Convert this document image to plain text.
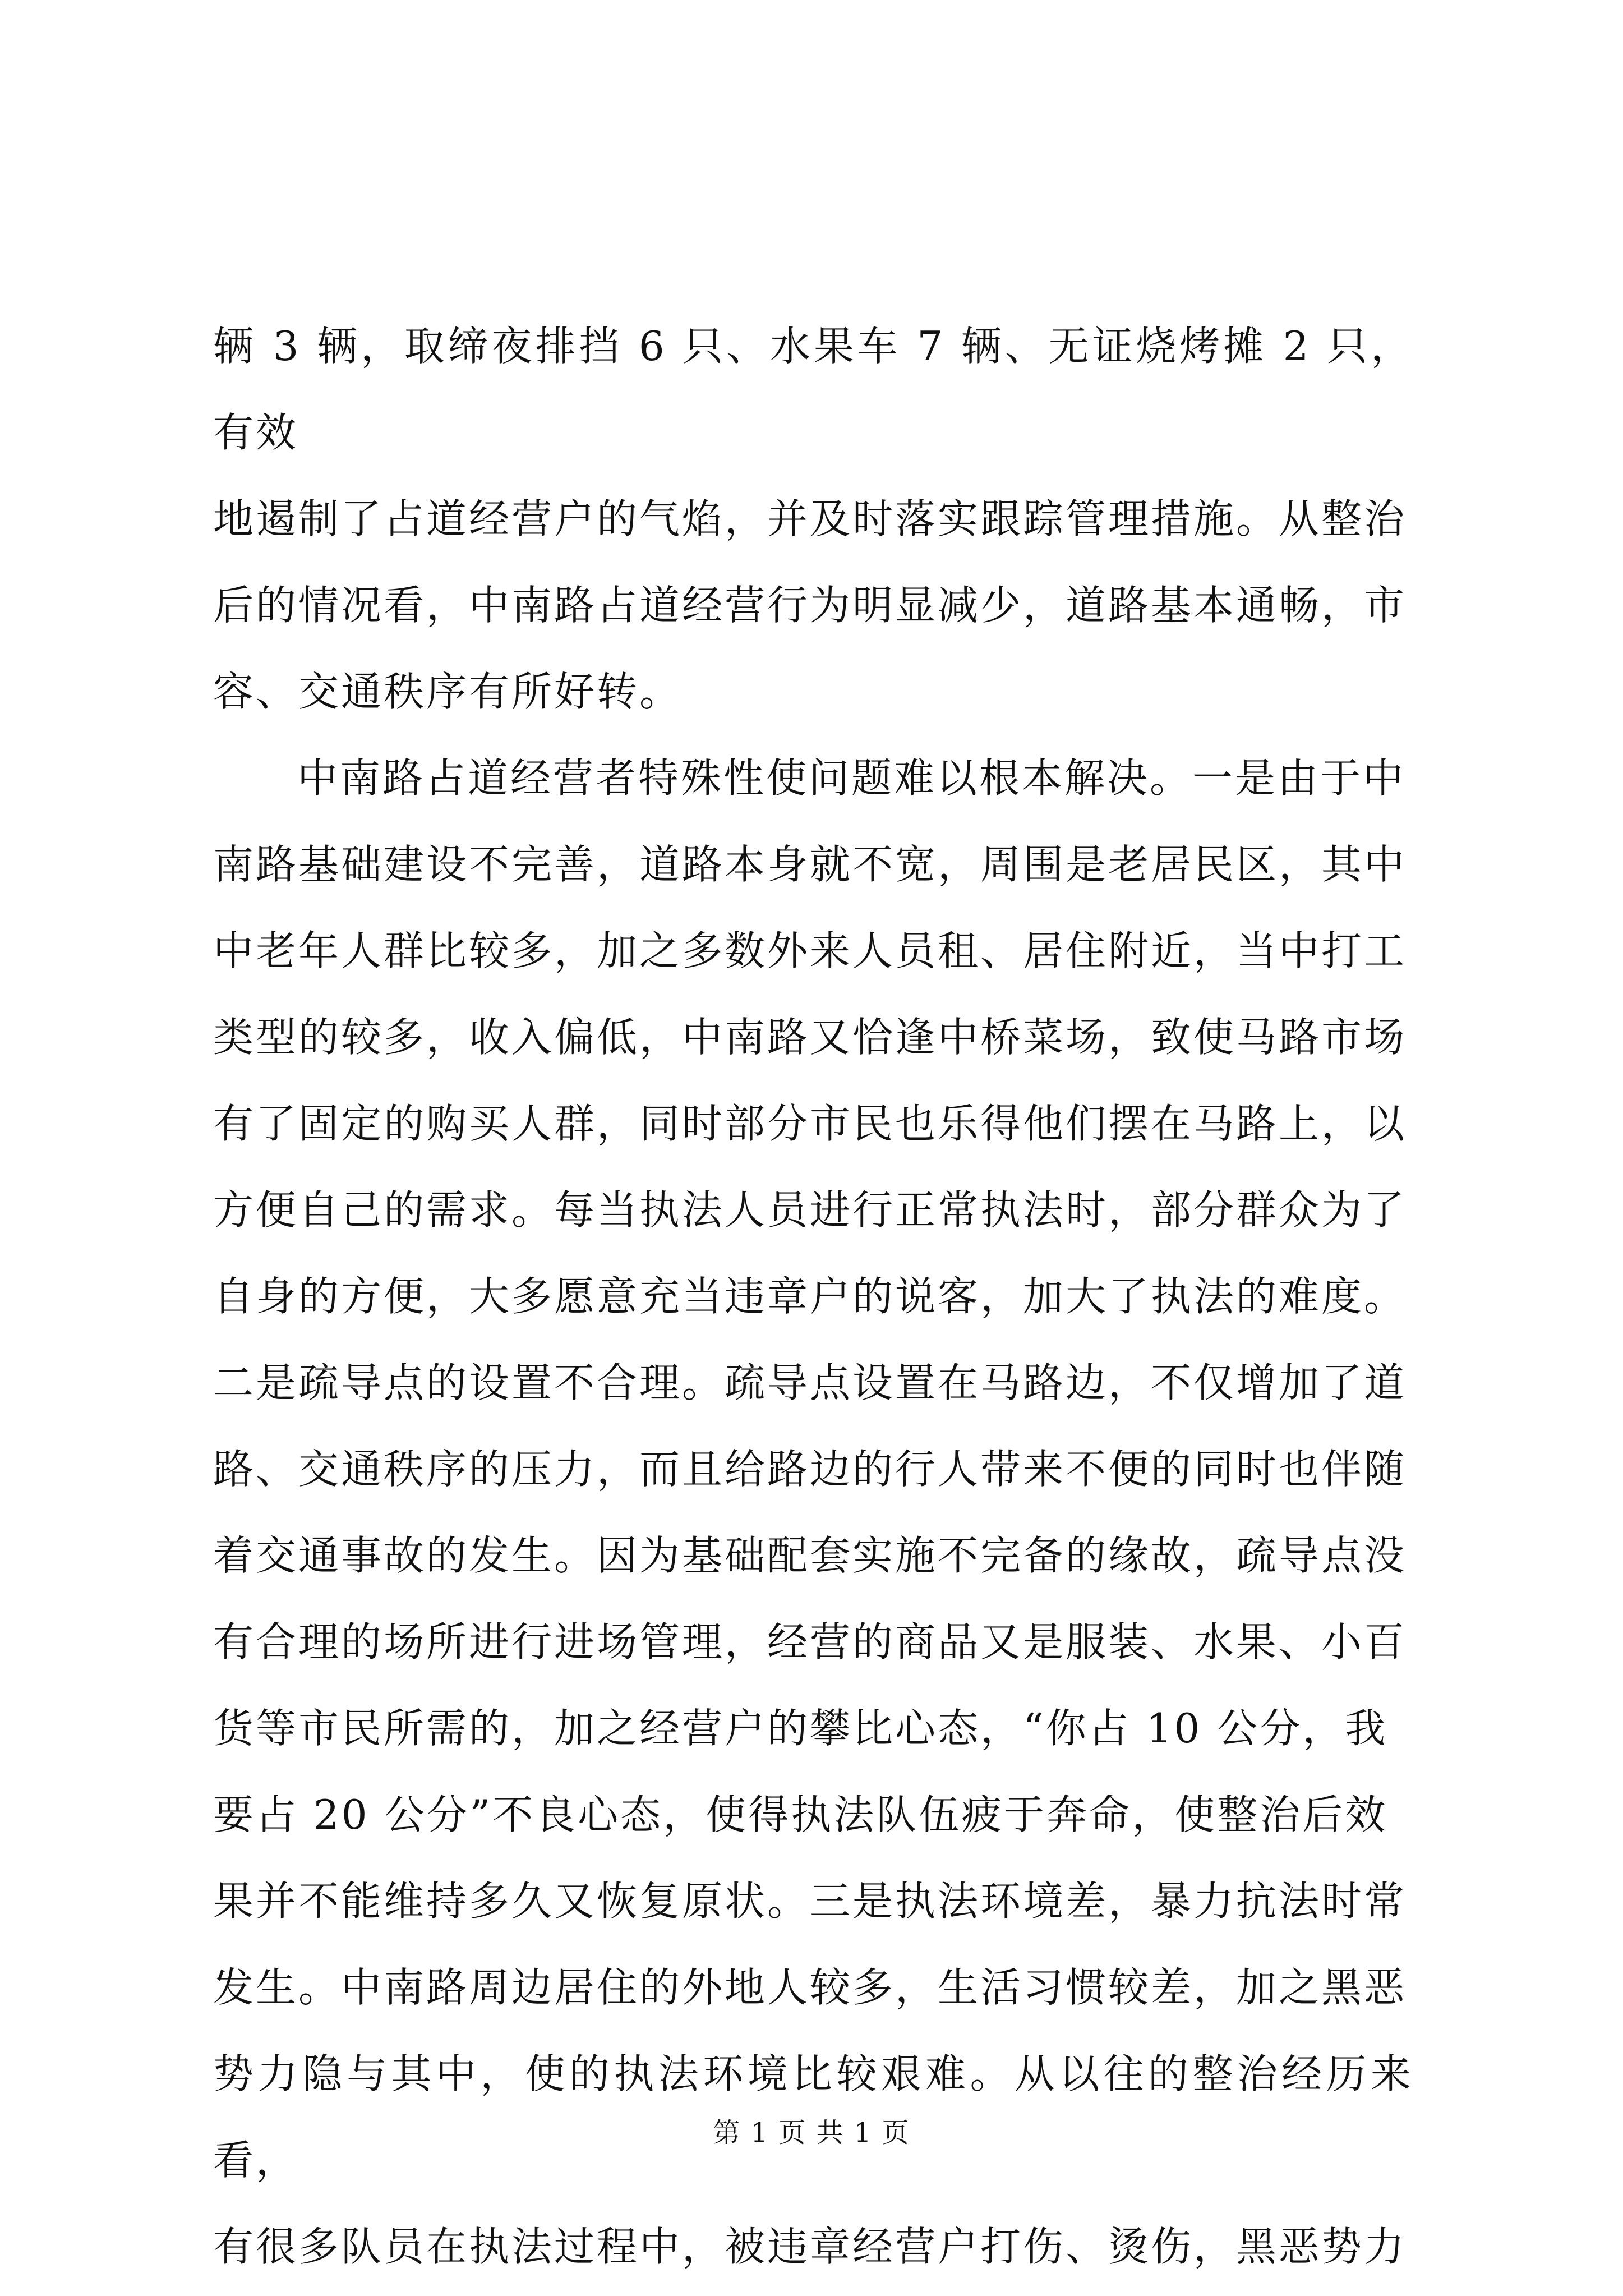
辆 3 辆，取缔夜排挡 6 只、水果车 7 辆、无证烧烤摊 2 只，有效
地遏制了占道经营户的气焰，并及时落实跟踪管理措施。从整治
后的情况看，中南路占道经营行为明显减少，道路基本通畅，市
容、交通秩序有所好转。
中南路占道经营者特殊性使问题难以根本解决。一是由于中
南路基础建设不完善，道路本身就不宽，周围是老居民区，其中
中老年人群比较多，加之多数外来人员租、居住附近，当中打工
类型的较多，收入偏低，中南路又恰逢中桥菜场，致使马路市场
有了固定的购买人群，同时部分市民也乐得他们摆在马路上，以
方便自己的需求。每当执法人员进行正常执法时，部分群众为了
自身的方便，大多愿意充当违章户的说客，加大了执法的难度。
二是疏导点的设置不合理。疏导点设置在马路边，不仅增加了道
路、交通秩序的压力，而且给路边的行人带来不便的同时也伴随
着交通事故的发生。因为基础配套实施不完备的缘故，疏导点没
有合理的场所进行进场管理，经营的商品又是服装、水果、小百
货等市民所需的，加之经营户的攀比心态，“你占 10 公分，我
要占 20 公分”不良心态，使得执法队伍疲于奔命，使整治后效
果并不能维持多久又恢复原状。三是执法环境差，暴力抗法时常
发生。中南路周边居住的外地人较多，生活习惯较差，加之黑恶
势力隐与其中，使的执法环境比较艰难。从以往的整治经历来看，
有很多队员在执法过程中，被违章经营户打伤、烫伤，黑恶势力
第 1 页 共 1 页
